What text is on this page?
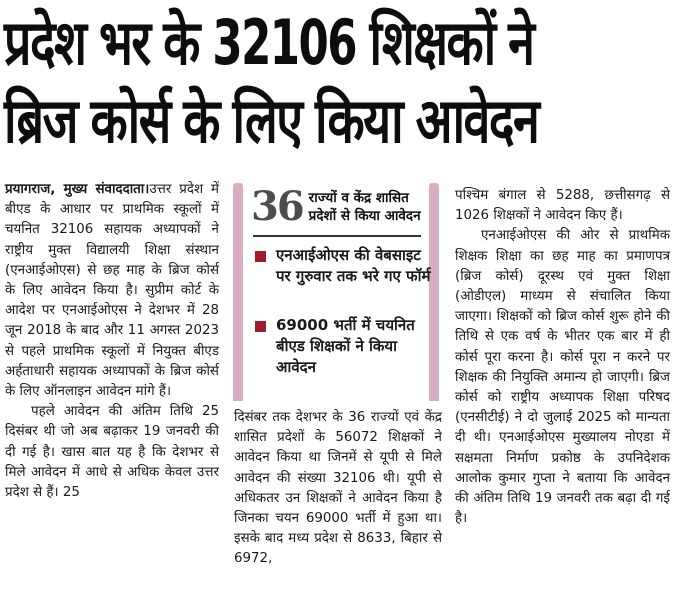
प्रदेश भर के 32106 शिक्षकों ने
ब्रिज कोर्स के लिए किया आवेदन

प्रयागराज, मुख्य संवाददाता।उत्तर प्रदेश में बीएड के आधार पर प्राथमिक स्कूलों में चयनित 32106 सहायक अध्यापकों ने राष्ट्रीय मुक्त विद्यालयी शिक्षा संस्थान (एनआईओएस) से छह माह के ब्रिज कोर्स के लिए आवेदन किया है। सुप्रीम कोर्ट के आदेश पर एनआईओएस ने देशभर में 28 जून 2018 के बाद और 11 अगस्त 2023 से पहले प्राथमिक स्कूलों में नियुक्त बीएड अर्हताधारी सहायक अध्यापकों के ब्रिज कोर्स के लिए ऑनलाइन आवेदन मांगे हैं।

पहले आवेदन की अंतिम तिथि 25 दिसंबर थी जो अब बढ़ाकर 19 जनवरी की दी गई है। खास बात यह है कि देशभर से मिले आवेदन में आधे से अधिक केवल उत्तर प्रदेश से हैं। 25

36 राज्यों व केंद्र शासित
प्रदेशों से किया आवेदन
एनआईओएस की वेबसाइट पर गुरुवार तक भरे गए फॉर्म
69000 भर्ती में चयनित बीएड शिक्षकों ने किया आवेदन

दिसंबर तक देशभर के 36 राज्यों एवं केंद्र शासित प्रदेशों के 56072 शिक्षकों ने आवेदन किया था जिनमें से यूपी से मिले आवेदन की संख्या 32106 थी। यूपी से अधिकतर उन शिक्षकों ने आवेदन किया है जिनका चयन 69000 भर्ती में हुआ था। इसके बाद मध्य प्रदेश से 8633, बिहार से 6972,

पश्चिम बंगाल से 5288, छत्तीसगढ़ से 1026 शिक्षकों ने आवेदन किए हैं।

एनआईओएस की ओर से प्राथमिक शिक्षक शिक्षा का छह माह का प्रमाणपत्र (ब्रिज कोर्स) दूरस्थ एवं मुक्त शिक्षा (ओडीएल) माध्यम से संचालित किया जाएगा। शिक्षकों को ब्रिज कोर्स शुरू होने की तिथि से एक वर्ष के भीतर एक बार में ही कोर्स पूरा करना है। कोर्स पूरा न करने पर शिक्षक की नियुक्ति अमान्य हो जाएगी। ब्रिज कोर्स को राष्ट्रीय अध्यापक शिक्षा परिषद (एनसीटीई) ने दो जुलाई 2025 को मान्यता दी थी। एनआईओएस मुख्यालय नोएडा में सक्षमता निर्माण प्रकोष्ठ के उपनिदेशक आलोक कुमार गुप्ता ने बताया कि आवेदन की अंतिम तिथि 19 जनवरी तक बढ़ा दी गई है।
